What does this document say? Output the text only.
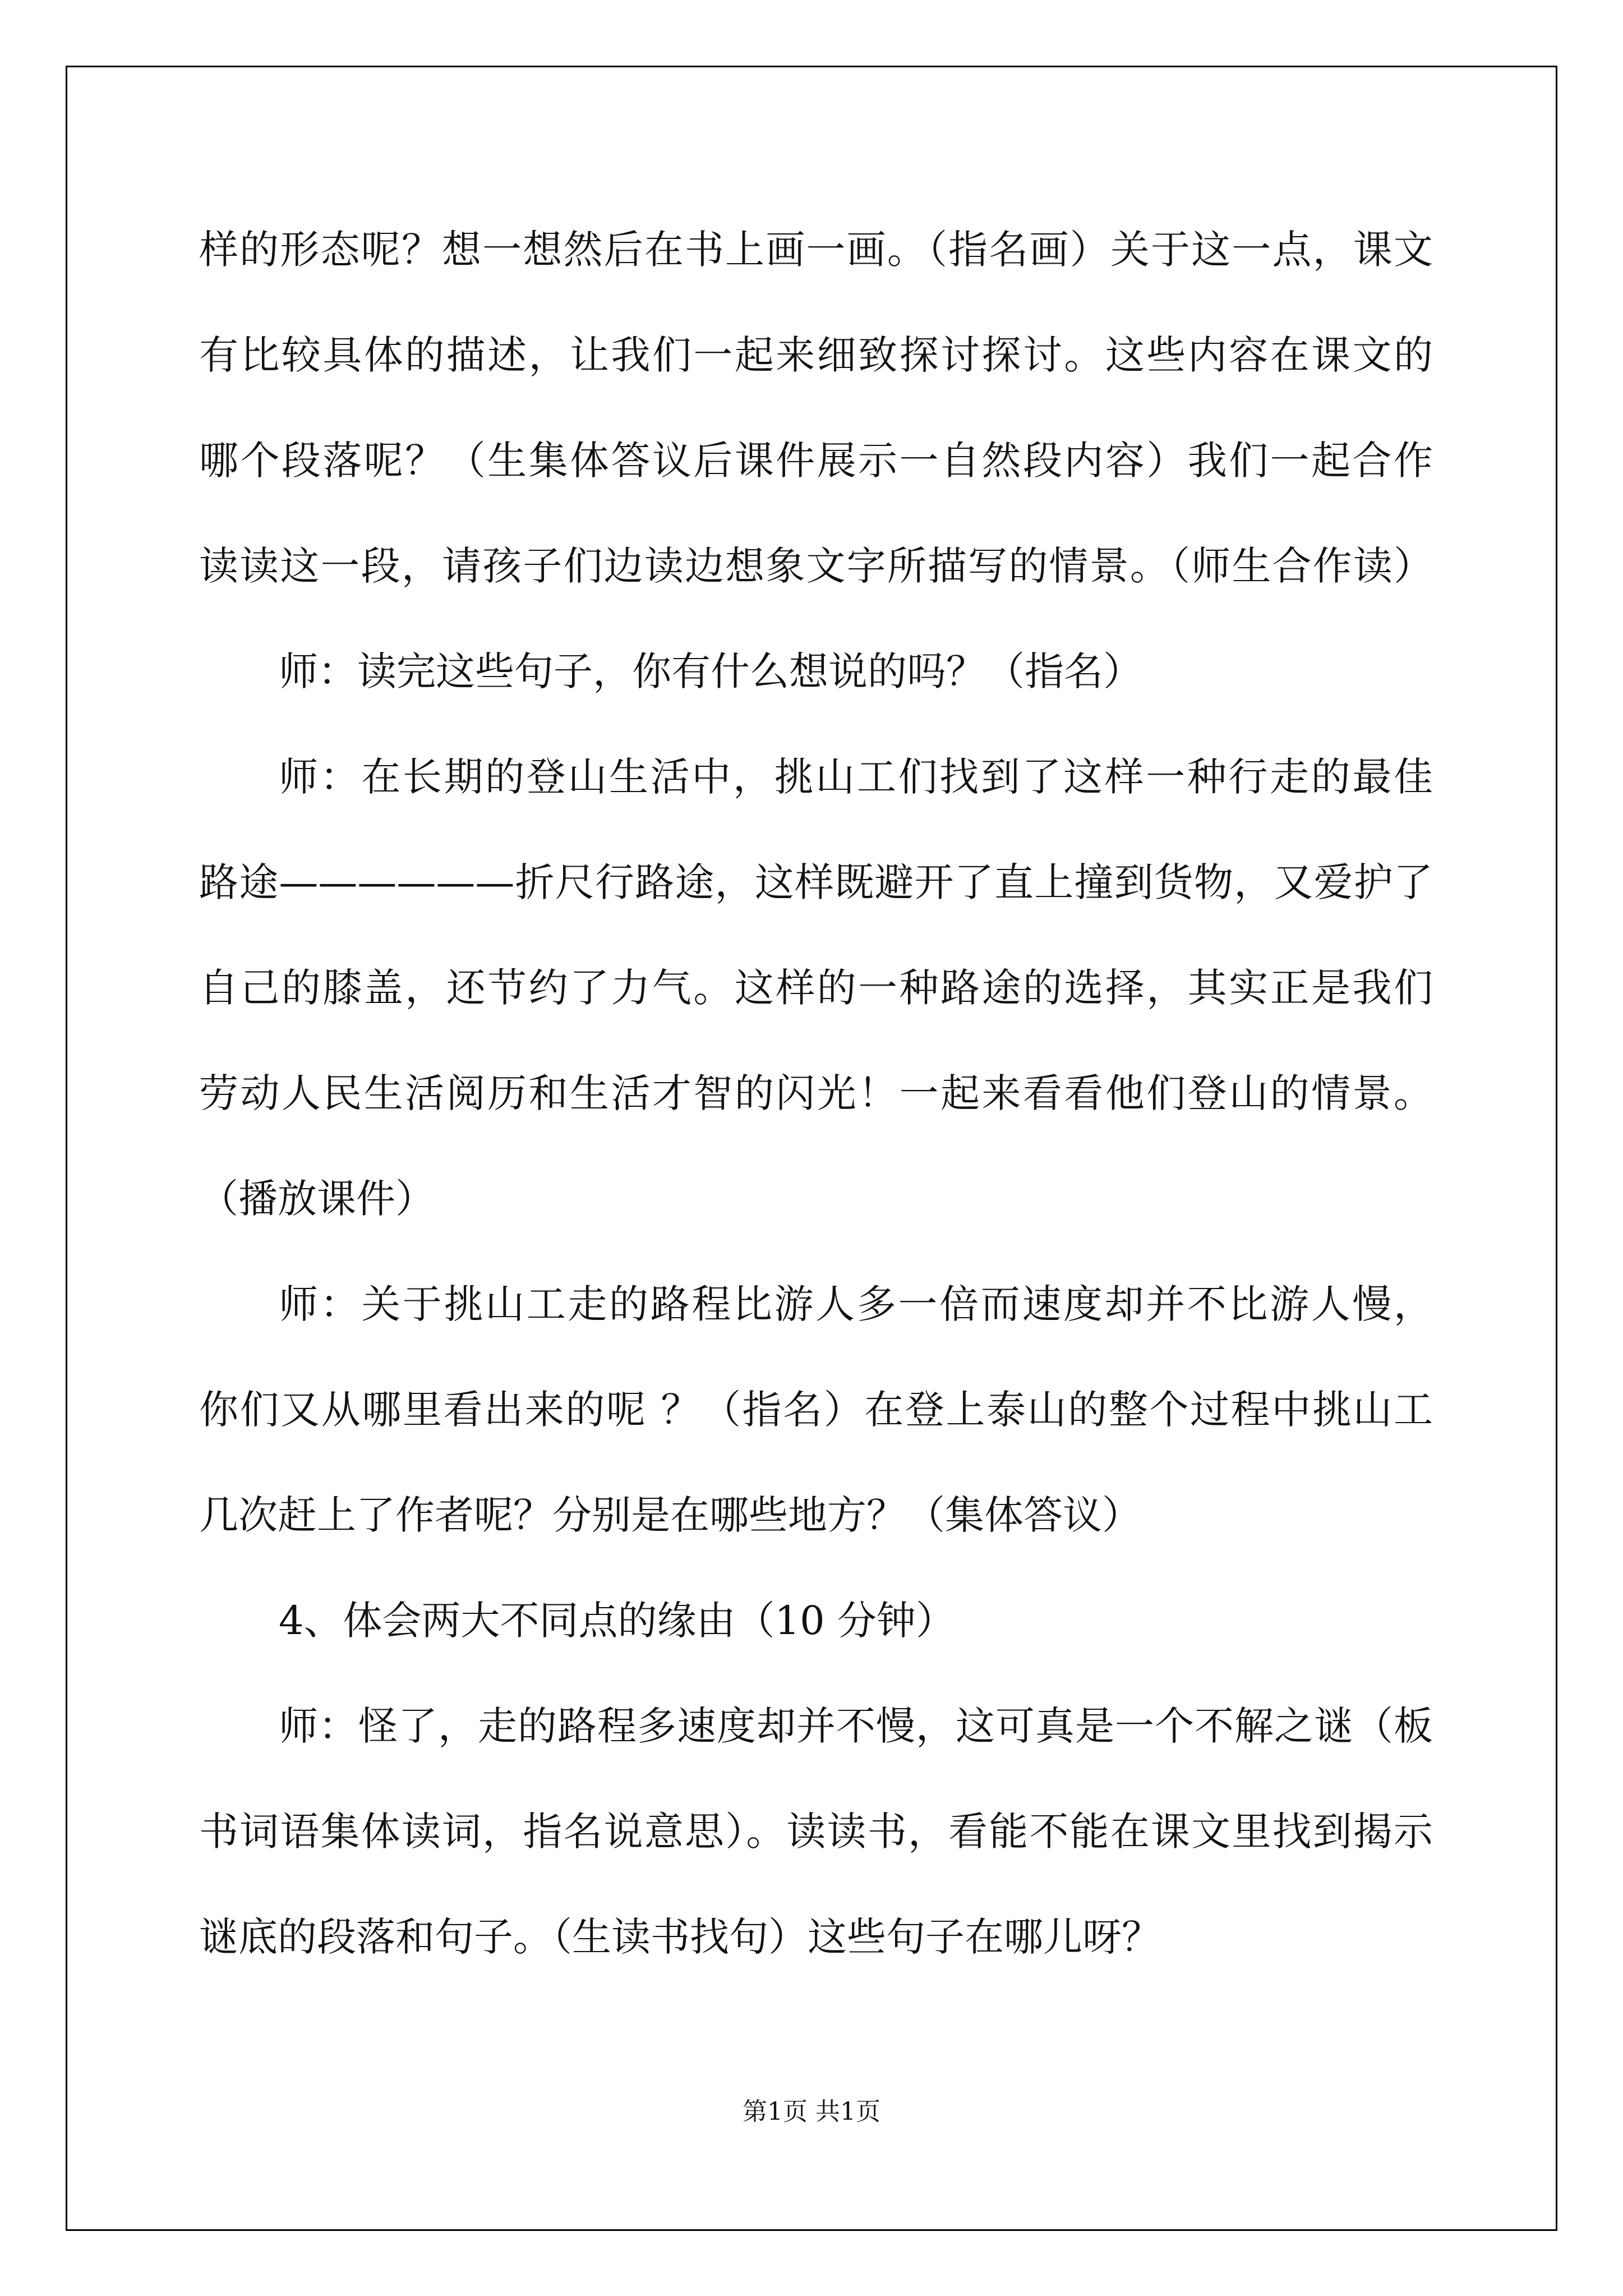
样的形态呢？想一想然后在书上画一画。（指名画）关于这一点，课文

有比较具体的描述，让我们一起来细致探讨探讨。这些内容在课文的

哪个段落呢？（生集体答议后课件展示一自然段内容）我们一起合作

读读这一段，请孩子们边读边想象文字所描写的情景。（师生合作读）

师：读完这些句子，你有什么想说的吗？（指名）

师：在长期的登山生活中，挑山工们找到了这样一种行走的最佳

路途——————折尺行路途，这样既避开了直上撞到货物，又爱护了

自己的膝盖，还节约了力气。这样的一种路途的选择，其实正是我们

劳动人民生活阅历和生活才智的闪光！一起来看看他们登山的情景。

（播放课件）

师：关于挑山工走的路程比游人多一倍而速度却并不比游人慢，

你们又从哪里看出来的呢 ？（指名）在登上泰山的整个过程中挑山工

几次赶上了作者呢？分别是在哪些地方？（集体答议）

4、体会两大不同点的缘由（10 分钟）

师：怪了，走的路程多速度却并不慢，这可真是一个不解之谜（板

书词语集体读词，指名说意思）。读读书，看能不能在课文里找到揭示

谜底的段落和句子。（生读书找句）这些句子在哪儿呀？

第1页 共1页
